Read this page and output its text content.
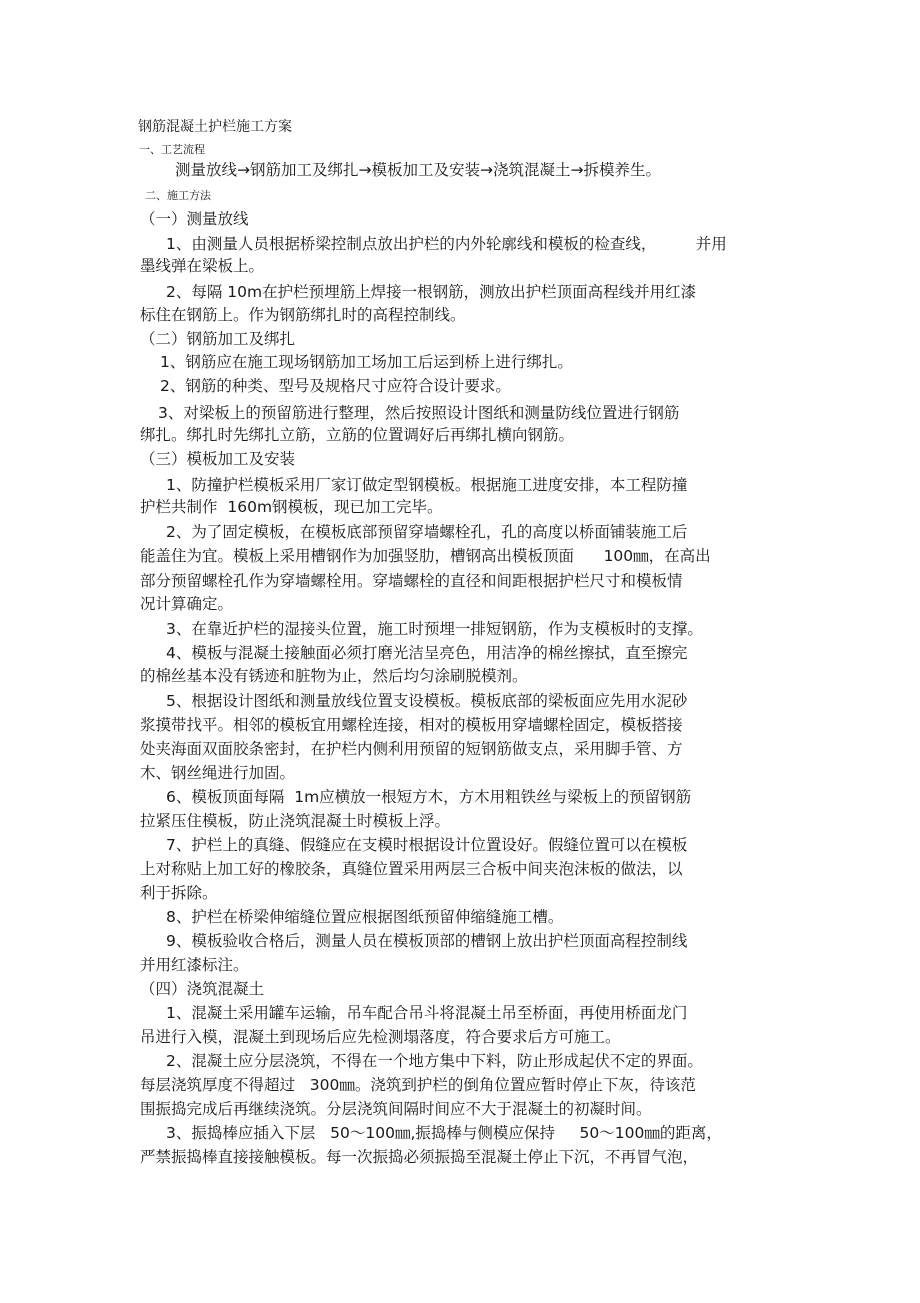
钢筋混凝土护栏施工方案
一、工艺流程
测量放线→钢筋加工及绑扎→模板加工及安装→浇筑混凝土→拆模养生。
二、施工方法
（一）测量放线
1、由测量人员根据桥梁控制点放出护栏的内外轮廓线和模板的检查线，        并用
墨线弹在梁板上。
2、每隔 10m在护栏预埋筋上焊接一根钢筋，测放出护栏顶面高程线并用红漆
标住在钢筋上。作为钢筋绑扎时的高程控制线。
（二）钢筋加工及绑扎
1、钢筋应在施工现场钢筋加工场加工后运到桥上进行绑扎。
2、钢筋的种类、型号及规格尺寸应符合设计要求。
3、对梁板上的预留筋进行整理，然后按照设计图纸和测量防线位置进行钢筋
绑扎。绑扎时先绑扎立筋，立筋的位置调好后再绑扎横向钢筋。
（三）模板加工及安装
1、防撞护栏模板采用厂家订做定型钢模板。根据施工进度安排，本工程防撞
护栏共制作  160m钢模板，现已加工完毕。
2、为了固定模板，在模板底部预留穿墙螺栓孔，孔的高度以桥面铺装施工后
能盖住为宜。模板上采用槽钢作为加强竖肋，槽钢高出模板顶面      100㎜，在高出
部分预留螺栓孔作为穿墙螺栓用。穿墙螺栓的直径和间距根据护栏尺寸和模板情
况计算确定。
3、在靠近护栏的湿接头位置，施工时预埋一排短钢筋，作为支模板时的支撑。
4、模板与混凝土接触面必须打磨光洁呈亮色，用洁净的棉丝擦拭，直至擦完
的棉丝基本没有锈迹和脏物为止，然后均匀涂刷脱模剂。
5、根据设计图纸和测量放线位置支设模板。模板底部的梁板面应先用水泥砂
浆摸带找平。相邻的模板宜用螺栓连接，相对的模板用穿墙螺栓固定，模板搭接
处夹海面双面胶条密封，在护栏内侧利用预留的短钢筋做支点，采用脚手管、方
木、钢丝绳进行加固。
6、模板顶面每隔  1m应横放一根短方木，方木用粗铁丝与梁板上的预留钢筋
拉紧压住模板，防止浇筑混凝土时模板上浮。
7、护栏上的真缝、假缝应在支模时根据设计位置设好。假缝位置可以在模板
上对称贴上加工好的橡胶条，真缝位置采用两层三合板中间夹泡沫板的做法，以
利于拆除。
8、护栏在桥梁伸缩缝位置应根据图纸预留伸缩缝施工槽。
9、模板验收合格后，测量人员在模板顶部的槽钢上放出护栏顶面高程控制线
并用红漆标注。
（四）浇筑混凝土
1、混凝土采用罐车运输，吊车配合吊斗将混凝土吊至桥面，再使用桥面龙门
吊进行入模，混凝土到现场后应先检测塌落度，符合要求后方可施工。
2、混凝土应分层浇筑，不得在一个地方集中下料，防止形成起伏不定的界面。
每层浇筑厚度不得超过   300㎜。浇筑到护栏的倒角位置应暂时停止下灰，待该范
围振捣完成后再继续浇筑。分层浇筑间隔时间应不大于混凝土的初凝时间。
3、振捣棒应插入下层   50～100㎜,振捣棒与侧模应保持     50～100㎜的距离，
严禁振捣棒直接接触模板。每一次振捣必须振捣至混凝土停止下沉，不再冒气泡，
